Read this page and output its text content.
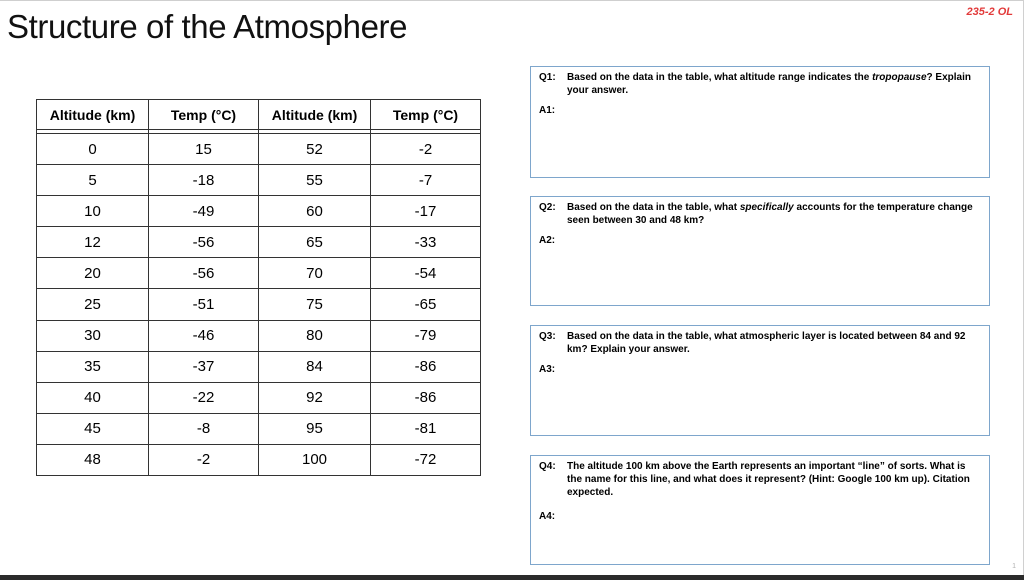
Structure of the Atmosphere	235-2 OL
Altitude (km)	Temp (°C)	Altitude (km)	Temp (°C)

0	15	52	-2
5	-18	55	-7
10	-49	60	-17
12	-56	65	-33
20	-56	70	-54
25	-51	75	-65
30	-46	80	-79
35	-37	84	-86
40	-22	92	-86
45	-8	95	-81
48	-2	100	-72
Q1:	Based on the data in the table, what altitude range indicates the tropopause? Explain your answer.
A1:
Q2:	Based on the data in the table, what specifically accounts for the temperature change seen between 30 and 48 km?
A2:
Q3:	Based on the data in the table, what atmospheric layer is located between 84 and 92 km? Explain your answer.
A3:
Q4:	The altitude 100 km above the Earth represents an important “line” of sorts. What is the name for this line, and what does it represent? (Hint: Google 100 km up). Citation expected.
A4:
1
